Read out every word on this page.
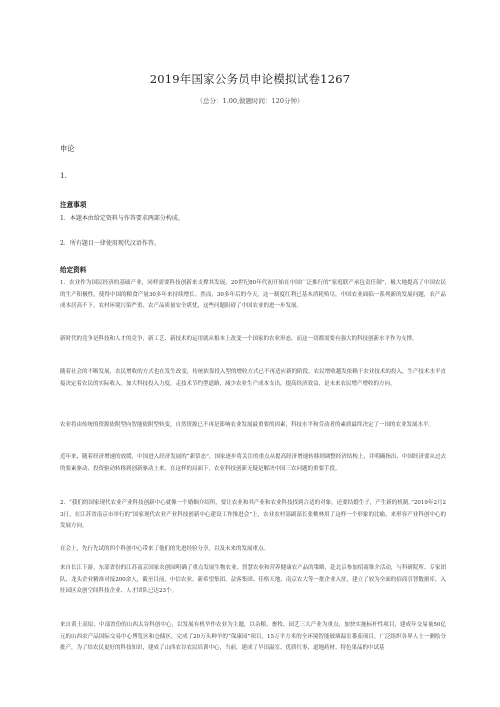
2019年国家公务员申论模拟试卷1267
（总分：1.00,做题时间：120分钟）
申论
1.
注意事项
1．本题本由给定资料与作答要求两部分构成。
2．所有题目一律使用现代汉语作答。
给定资料
1．农业作为国民经济的基础产业，同样需要科技创新来支撑其发展。20世纪80年代初开始在中国广泛推行的“家庭联产承包责任制”，极大地提高了中国农民的生产积极性，使得中国的粮食产量30多年来持续增长。然而，30多年后的今天，这一制度红利已基本消耗殆尽，中国农业面临一系列新的发展问题，农产品成本居高不下、农村环境污染严重、农产品质量安全堪忧，这些问题阻碍了中国农业的进一步发展。
新时代的竞争是科技和人才的竞争，新工艺、新技术的运用就从根本上改变一个国家的农业形态，而这一切都需要有强大的科技创新水平作为支撑。
随着社会的不断发展，农民增收的方式也在发生改变，传统依靠投入型的增收方式已不再适应新的阶段，农民增收越发依赖于农业技术的投入，生产技术水平直接决定着农民的实际收入。加大科技投入力度，走技术节约型道路，减少农业生产成本支出，提高经济效益，是未来农民增产增收的方向。
农业将由传统的资源依附型向智能依附型转变，自然资源已不再是影响农业发展最重要的因素，科技水平和劳动者的素质最终决定了一国的农业发展水平。
近年来，随着经济增速的放缓，中国进入经济发展的“新常态”，国家逐步将关注的重点从提高经济增速转移到调整经济结构上，并明确指出，中国经济要从过去的要素驱动、投资驱动转移到创新驱动上来。在这样的局面下，农业科技创新无疑是解决中国三农问题的重要手段。
2．“我们的国家现代农业产业科技创新中心就像一个婚姻介绍所，要让农业和其产业和农业科技找到合适的对象，还要结婚生子，产生新的机制。”2019年2月23日，在江苏省南京市举行的“国家现代农业产业科技创新中心建设工作推进会”上，农业农村部副部长张桃林用了这样一个形象的比喻，来形容产业科创中心的发展方向。
在会上，先行先试的四个科创中心带来了他们的先进经验分享，以及未来的发展重点。
来自长江下游，东部省份的江苏南京国家农创园明确了重点发展生物农业、智慧农业和营养健康农产品的策略，赴北京参加招商推介活动，与科研院所、专家团队、龙头企业精准对接200余人，截至目前，中信农业、新希望集团、益客集团、佳格天地、南京农大等一批企业入驻，建立了较为全面的招商引智数据库，入驻园区众创空间科技企业、人才团队已达23个。
来自黄土高原、中部省份的山西太谷科创中心，以发展有机旱作农业为主题，以杂粮、畜牧、园艺三大产业为重点，加快实施标杆性项目，建成年交易量50亿元的山西农产品国际交易中心博览区和仓储区，完成了20万头种羊的“保康园”项目，15万平方米的全环境智能玻璃温室番茄项目，广泛组织各界人士一测绘分批产，为了给农民更好的科技知识，建成了山西农谷农民培训中心，当前，建成了早田温室、优质红枣、道地药材、特色果品的中试基
